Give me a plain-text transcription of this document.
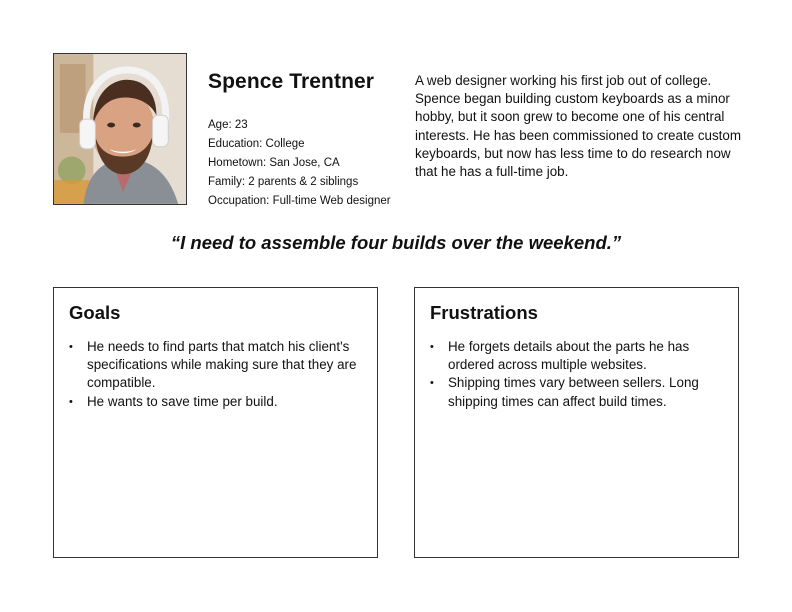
Spence Trentner
Age: 23
Education: College
Hometown: San Jose, CA
Family: 2 parents & 2 siblings
Occupation: Full-time Web designer
A web designer working his first job out of college. Spence began building custom keyboards as a minor hobby, but it soon grew to become one of his central interests. He has been commissioned to create custom keyboards, but now has less time to do research now that he has a full-time job.
“I need to assemble four builds over the weekend.”
Goals
• He needs to find parts that match his client's specifications while making sure that they are compatible.
• He wants to save time per build.
Frustrations
• He forgets details about the parts he has ordered across multiple websites.
• Shipping times vary between sellers. Long shipping times can affect build times.
